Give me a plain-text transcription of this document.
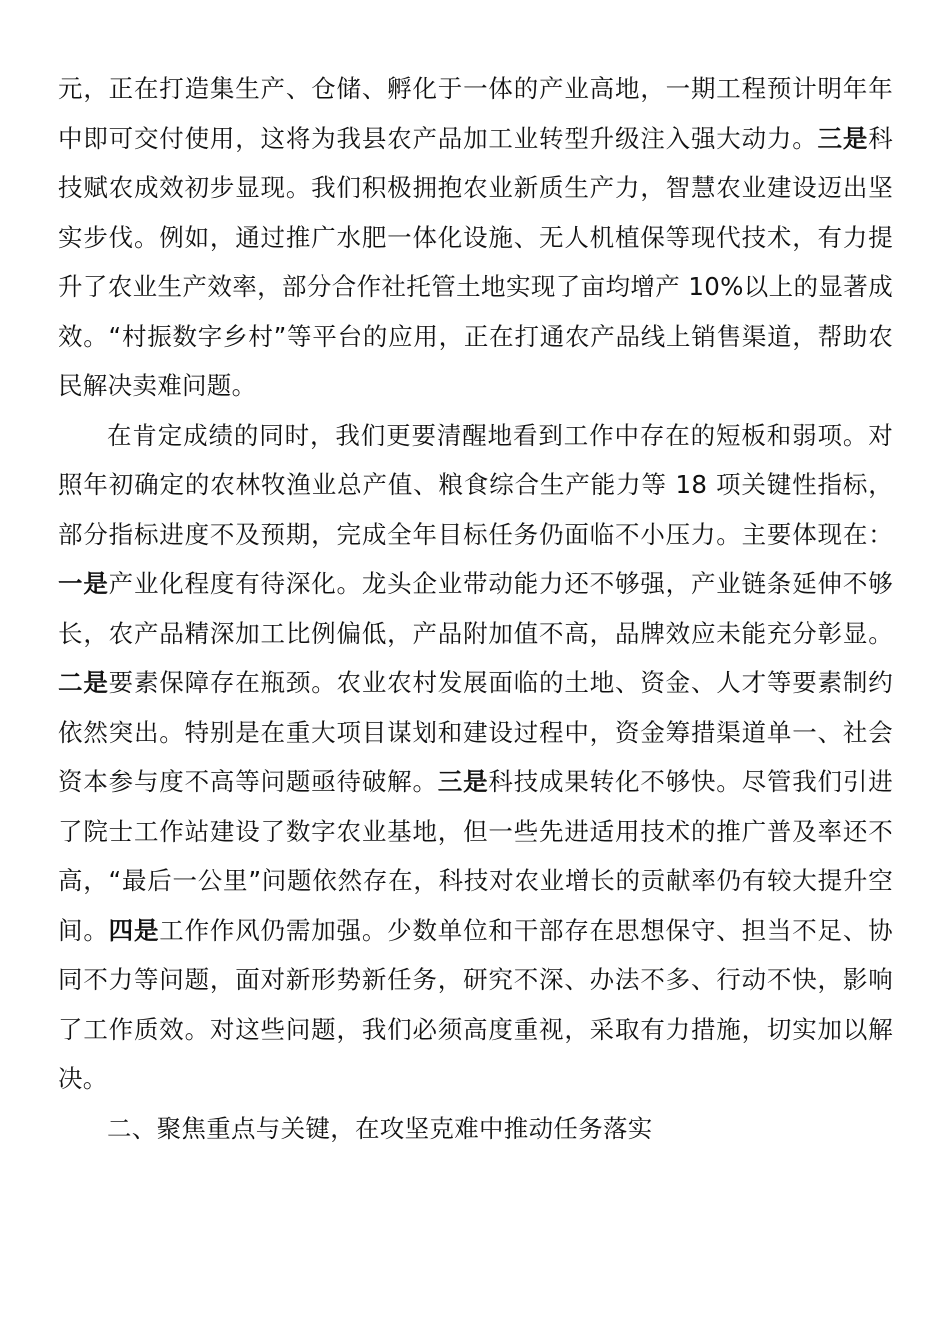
元，正在打造集生产、仓储、孵化于一体的产业高地，一期工程预计明年年中即可交付使用，这将为我县农产品加工业转型升级注入强大动力。三是科技赋农成效初步显现。我们积极拥抱农业新质生产力，智慧农业建设迈出坚实步伐。例如，通过推广水肥一体化设施、无人机植保等现代技术，有力提升了农业生产效率，部分合作社托管土地实现了亩均增产 10%以上的显著成效。“村振数字乡村”等平台的应用，正在打通农产品线上销售渠道，帮助农民解决卖难问题。

在肯定成绩的同时，我们更要清醒地看到工作中存在的短板和弱项。对照年初确定的农林牧渔业总产值、粮食综合生产能力等 18 项关键性指标，部分指标进度不及预期，完成全年目标任务仍面临不小压力。主要体现在：一是产业化程度有待深化。龙头企业带动能力还不够强，产业链条延伸不够长，农产品精深加工比例偏低，产品附加值不高，品牌效应未能充分彰显。二是要素保障存在瓶颈。农业农村发展面临的土地、资金、人才等要素制约依然突出。特别是在重大项目谋划和建设过程中，资金筹措渠道单一、社会资本参与度不高等问题亟待破解。三是科技成果转化不够快。尽管我们引进了院士工作站建设了数字农业基地，但一些先进适用技术的推广普及率还不高，“最后一公里”问题依然存在，科技对农业增长的贡献率仍有较大提升空间。四是工作作风仍需加强。少数单位和干部存在思想保守、担当不足、协同不力等问题，面对新形势新任务，研究不深、办法不多、行动不快，影响了工作质效。对这些问题，我们必须高度重视，采取有力措施，切实加以解决。

二、聚焦重点与关键，在攻坚克难中推动任务落实
